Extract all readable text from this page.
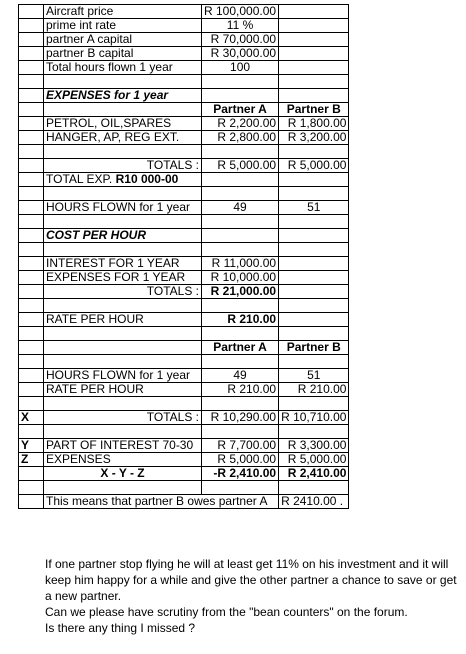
	Aircraft price	R 100,000.00	
	prime int rate	11 %	
	partner A capital	R 70,000.00	
	partner B capital	R 30,000.00	
	Total hours flown 1 year	100	

	EXPENSES for 1 year		
		Partner A	Partner B
	PETROL, OIL,SPARES	R 2,200.00	R 1,800.00
	HANGER, AP, REG EXT.	R 2,800.00	R 3,200.00

	TOTALS :	R 5,000.00	R 5,000.00
	TOTAL EXP. R10 000-00		

	HOURS FLOWN for 1 year	49	51

	COST PER HOUR		

	INTEREST FOR 1 YEAR	R 11,000.00	
	EXPENSES FOR 1 YEAR	R 10,000.00	
	TOTALS :	R 21,000.00	

	RATE PER HOUR	R 210.00	

		Partner A	Partner B

	HOURS FLOWN for 1 year	49	51
	RATE PER HOUR	R 210.00	R 210.00

X	TOTALS :	R 10,290.00	R 10,710.00

Y	PART OF INTEREST 70-30	R 7,700.00	R 3,300.00
Z	EXPENSES	R 5,000.00	R 5,000.00
	X - Y - Z	-R 2,410.00	R 2,410.00

	This means that partner B owes partner A		R 2410.00 .

If one partner stop flying he will at least get 11% on his investment and it will keep him happy for a while and give the other partner a chance to save or get a new partner.

Can we please have scrutiny from the "bean counters" on the forum.

Is there any thing I missed ?
